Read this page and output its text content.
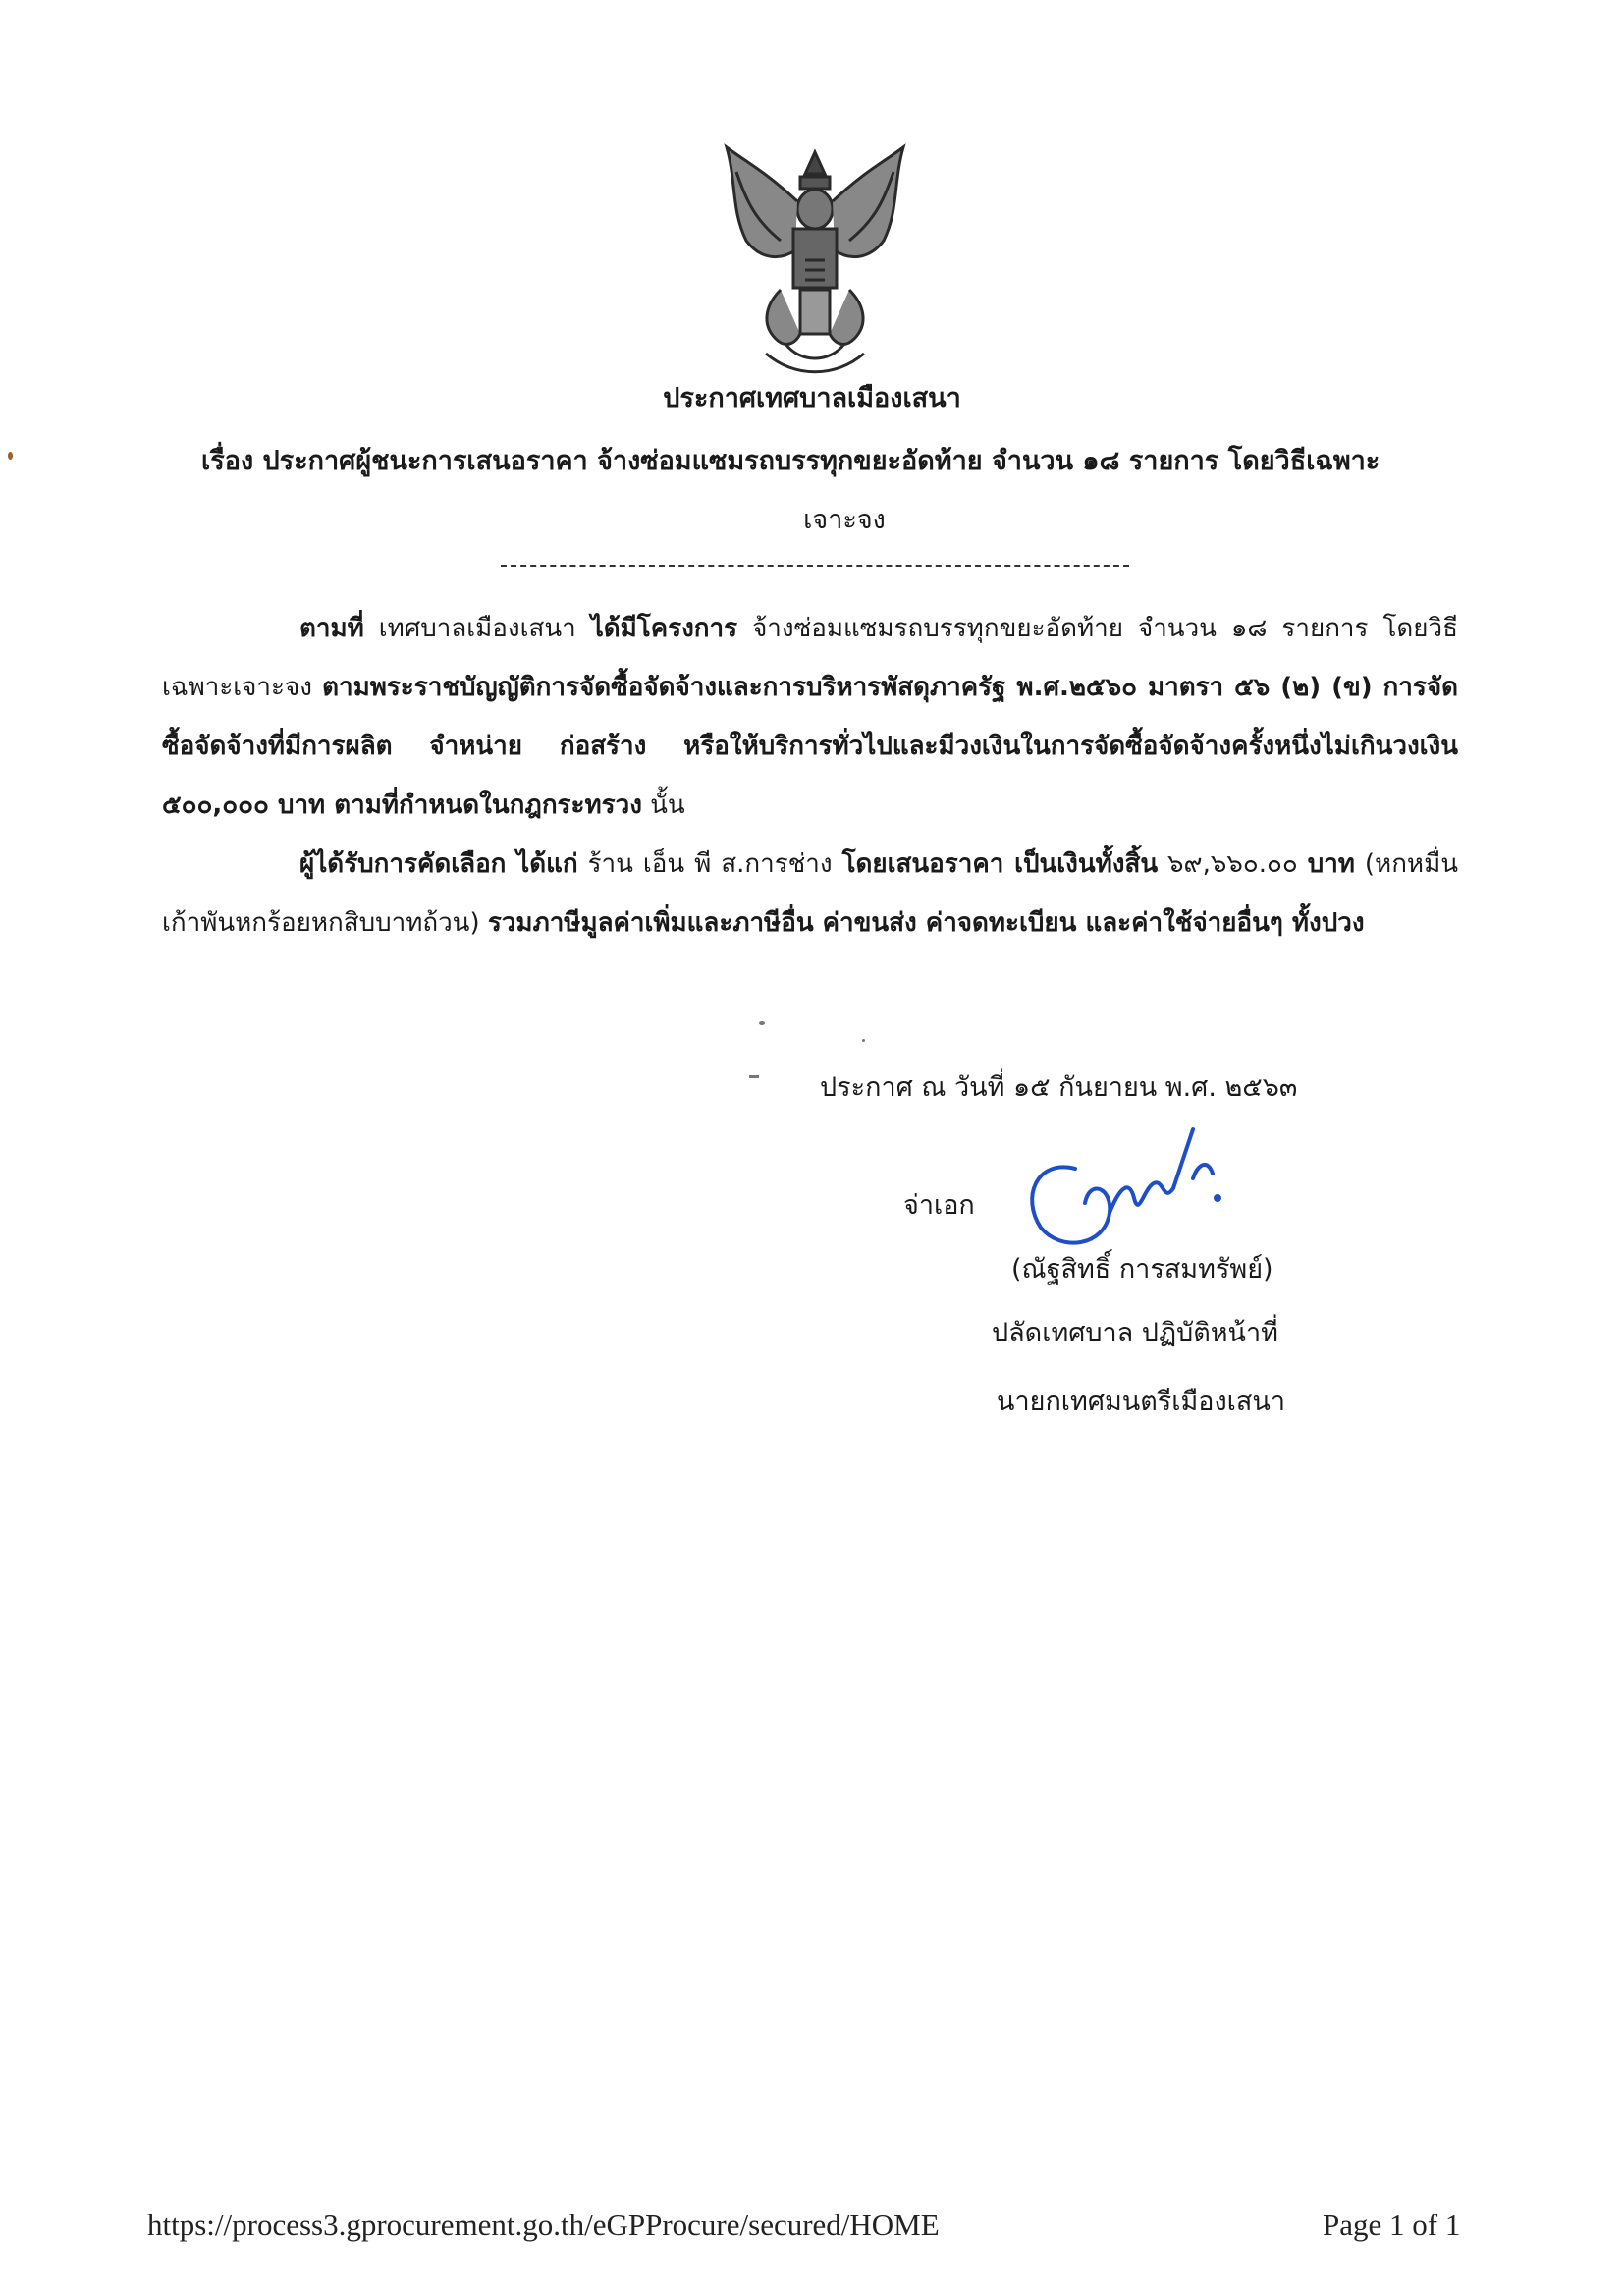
ประกาศเทศบาลเมืองเสนา
เรื่อง ประกาศผู้ชนะการเสนอราคา จ้างซ่อมแซมรถบรรทุกขยะอัดท้าย จำนวน ๑๘ รายการ โดยวิธีเฉพาะ
เจาะจง
ตามที่ เทศบาลเมืองเสนา ได้มีโครงการ จ้างซ่อมแซมรถบรรทุกขยะอัดท้าย จำนวน ๑๘ รายการ โดยวิธีเฉพาะเจาะจง ตามพระราชบัญญัติการจัดซื้อจัดจ้างและการบริหารพัสดุภาครัฐ พ.ศ.๒๕๖๐ มาตรา ๕๖ (๒) (ข) การจัดซื้อจัดจ้างที่มีการผลิต จำหน่าย ก่อสร้าง หรือให้บริการทั่วไปและมีวงเงินในการจัดซื้อจัดจ้างครั้งหนึ่งไม่เกินวงเงิน ๕๐๐,๐๐๐ บาท ตามที่กำหนดในกฎกระทรวง นั้น
ผู้ได้รับการคัดเลือก ได้แก่ ร้าน เอ็น พี ส.การช่าง โดยเสนอราคา เป็นเงินทั้งสิ้น ๖๙,๖๖๐.๐๐ บาท (หกหมื่นเก้าพันหกร้อยหกสิบบาทถ้วน) รวมภาษีมูลค่าเพิ่มและภาษีอื่น ค่าขนส่ง ค่าจดทะเบียน และค่าใช้จ่ายอื่นๆ ทั้งปวง
ประกาศ ณ วันที่ ๑๕ กันยายน พ.ศ. ๒๕๖๓
จ่าเอก
(ณัฐสิทธิ์ การสมทรัพย์)
ปลัดเทศบาล ปฏิบัติหน้าที่
นายกเทศมนตรีเมืองเสนา
https://process3.gprocurement.go.th/eGPProcure/secured/HOME	Page 1 of 1
